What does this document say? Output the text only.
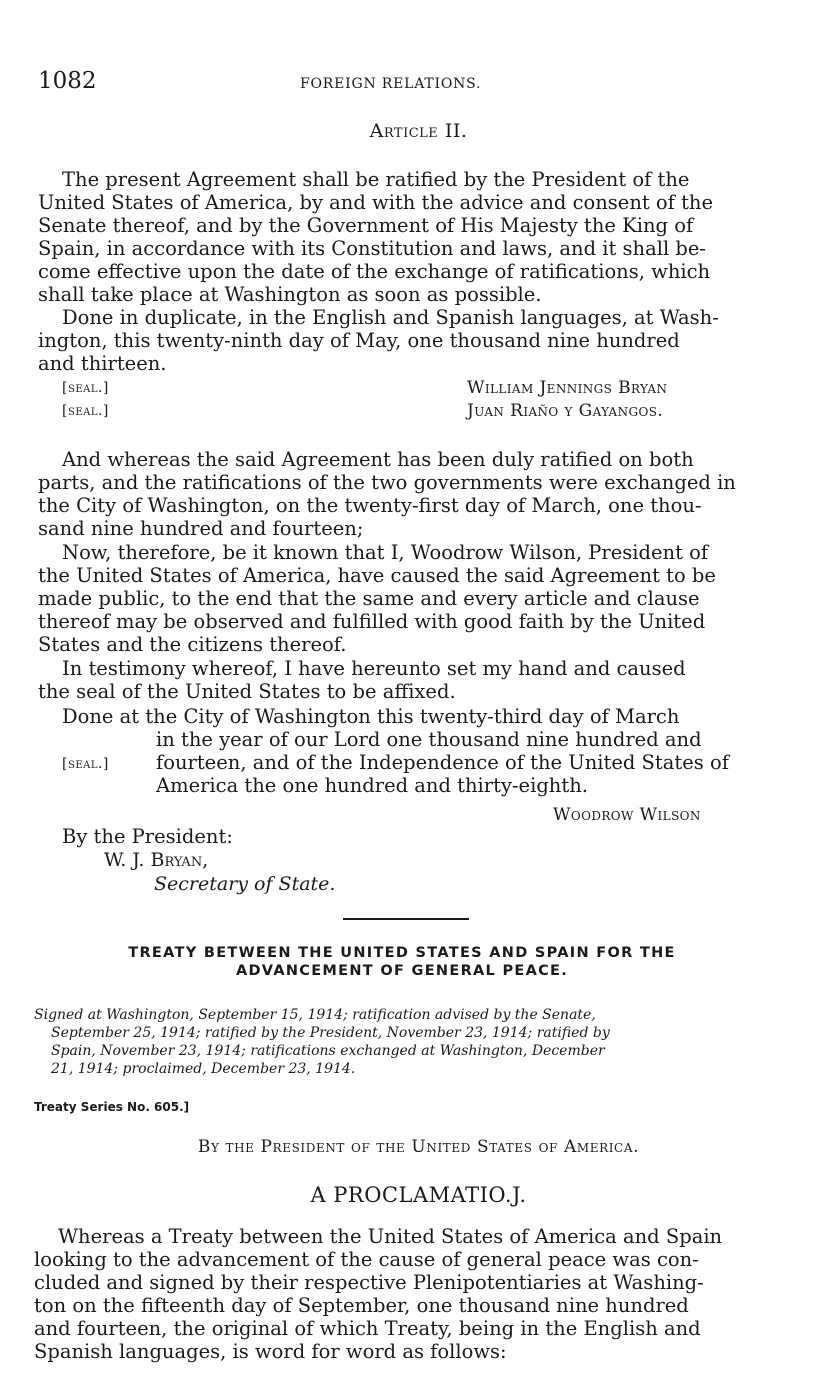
1082	FOREIGN RELATIONS.
Article II.
The present Agreement shall be ratified by the President of the
United States of America, by and with the advice and consent of the
Senate thereof, and by the Government of His Majesty the King of
Spain, in accordance with its Constitution and laws, and it shall be-
come effective upon the date of the exchange of ratifications, which
shall take place at Washington as soon as possible.
Done in duplicate, in the English and Spanish languages, at Wash-
ington, this twenty-ninth day of May, one thousand nine hundred
and thirteen.
[seal.]	William Jennings Bryan
[seal.]	Juan Riaño y Gayangos.
And whereas the said Agreement has been duly ratified on both
parts, and the ratifications of the two governments were exchanged in
the City of Washington, on the twenty-first day of March, one thou-
sand nine hundred and fourteen;
Now, therefore, be it known that I, Woodrow Wilson, President of
the United States of America, have caused the said Agreement to be
made public, to the end that the same and every article and clause
thereof may be observed and fulfilled with good faith by the United
States and the citizens thereof.
In testimony whereof, I have hereunto set my hand and caused
the seal of the United States to be affixed.
Done at the City of Washington this twenty-third day of March
in the year of our Lord one thousand nine hundred and
fourteen, and of the Independence of the United States of
America the one hundred and thirty-eighth.
[seal.]
Woodrow Wilson
By the President:
W. J. Bryan,
Secretary of State.
TREATY BETWEEN THE UNITED STATES AND SPAIN FOR THE
ADVANCEMENT OF GENERAL PEACE.
Signed at Washington, September 15, 1914; ratification advised by the Senate,
September 25, 1914; ratified by the President, November 23, 1914; ratified by
Spain, November 23, 1914; ratifications exchanged at Washington, December
21, 1914; proclaimed, December 23, 1914.
Treaty Series No. 605.]
By the President of the United States of America.
A PROCLAMATIO.J.
Whereas a Treaty between the United States of America and Spain
looking to the advancement of the cause of general peace was con-
cluded and signed by their respective Plenipotentiaries at Washing-
ton on the fifteenth day of September, one thousand nine hundred
and fourteen, the original of which Treaty, being in the English and
Spanish languages, is word for word as follows:
